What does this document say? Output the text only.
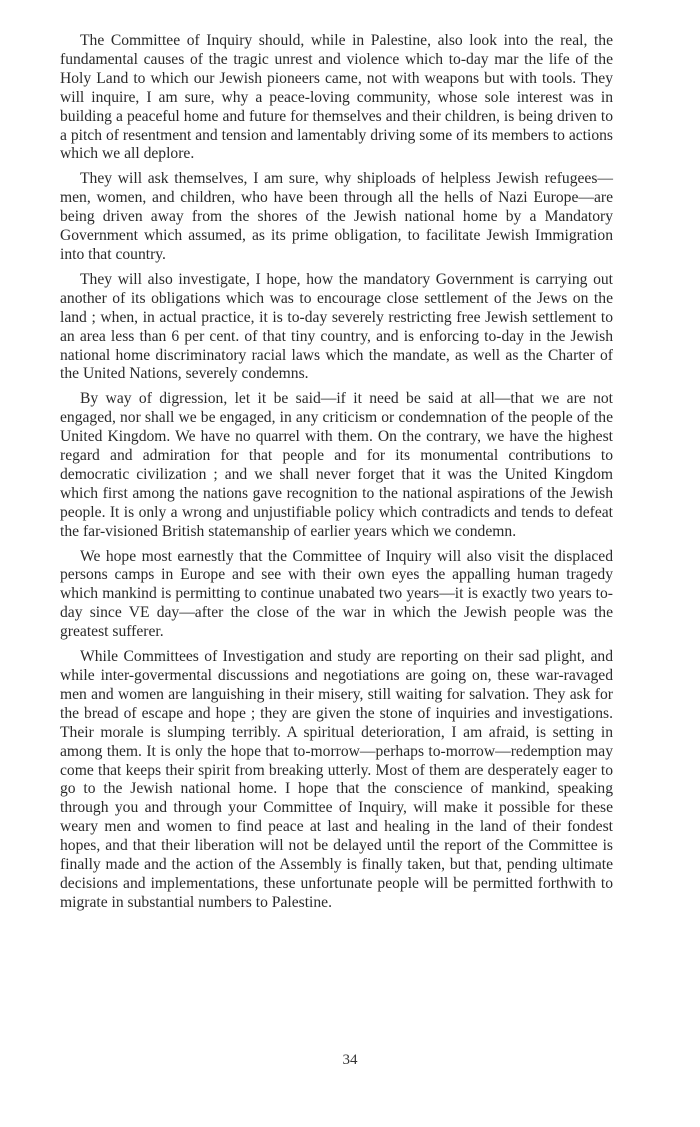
The Committee of Inquiry should, while in Palestine, also look into the real, the fundamental causes of the tragic unrest and violence which to-day mar the life of the Holy Land to which our Jewish pioneers came, not with weapons but with tools. They will inquire, I am sure, why a peace-loving community, whose sole interest was in building a peaceful home and future for themselves and their children, is being driven to a pitch of resentment and tension and lamentably driving some of its members to actions which we all deplore.

They will ask themselves, I am sure, why shiploads of helpless Jewish refugees—men, women, and children, who have been through all the hells of Nazi Europe—are being driven away from the shores of the Jewish national home by a Mandatory Government which assumed, as its prime obligation, to facilitate Jewish Immigration into that country.

They will also investigate, I hope, how the mandatory Government is carrying out another of its obligations which was to encourage close settlement of the Jews on the land ; when, in actual practice, it is to-day severely restricting free Jewish settlement to an area less than 6 per cent. of that tiny country, and is enforcing to-day in the Jewish national home discriminatory racial laws which the mandate, as well as the Charter of the United Nations, severely condemns.

By way of digression, let it be said—if it need be said at all—that we are not engaged, nor shall we be engaged, in any criticism or condemnation of the people of the United Kingdom. We have no quarrel with them. On the contrary, we have the highest regard and admiration for that people and for its monumental contributions to democratic civilization ; and we shall never forget that it was the United Kingdom which first among the nations gave recognition to the national aspirations of the Jewish people. It is only a wrong and unjustifiable policy which contradicts and tends to defeat the far-visioned British statemanship of earlier years which we condemn.

We hope most earnestly that the Committee of Inquiry will also visit the displaced persons camps in Europe and see with their own eyes the appalling human tragedy which mankind is permitting to continue unabated two years—it is exactly two years to-day since VE day—after the close of the war in which the Jewish people was the greatest sufferer.

While Committees of Investigation and study are reporting on their sad plight, and while inter-govermental discussions and negotiations are going on, these war-ravaged men and women are languishing in their misery, still waiting for salvation. They ask for the bread of escape and hope ; they are given the stone of inquiries and investigations. Their morale is slumping terribly. A spiritual deterioration, I am afraid, is setting in among them. It is only the hope that to-morrow—perhaps to-morrow—redemption may come that keeps their spirit from breaking utterly. Most of them are desperately eager to go to the Jewish national home. I hope that the conscience of mankind, speaking through you and through your Committee of Inquiry, will make it possible for these weary men and women to find peace at last and healing in the land of their fondest hopes, and that their liberation will not be delayed until the report of the Committee is finally made and the action of the Assembly is finally taken, but that, pending ultimate decisions and implementations, these unfortunate people will be permitted forthwith to migrate in substantial numbers to Palestine.

34
